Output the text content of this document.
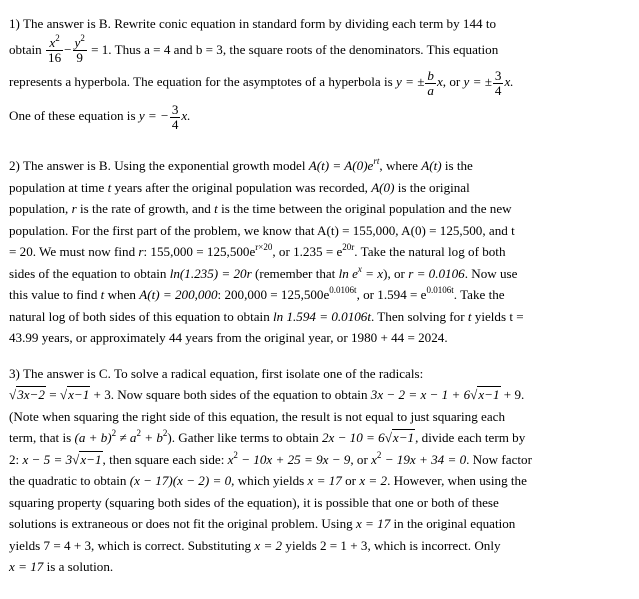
1) The answer is B. Rewrite conic equation in standard form by dividing each term by 144 to

obtain $\frac{x^2}{16} - \frac{y^2}{9} = 1$. Thus a = 4 and b = 3, the square roots of the denominators. This equation

represents a hyperbola. The equation for the asymptotes of a hyperbola is y = ± $\frac{b}{a} x$, or y = ± $\frac{3}{4} x$.

One of these equation is y = − $\frac{3}{4} x$.

2) The answer is B. Using the exponential growth model $A(t) = A(0)e^{rt}$, where A(t) is the

population at time t years after the original population was recorded, A(0) is the original

population, r is the rate of growth, and t is the time between the original population and the new

population. For the first part of the problem, we know that A(t) = 155,000, A(0) = 125,500, and t

= 20. We must now find r: $155,000 = 125,500e^{r\times 20}$, or $1.235 = e^{20r}$. Take the natural log of both

sides of the equation to obtain ln(1.235) = 20r (remember that $\ln e^x = x$), or r = 0.0106. Now use

this value to find t when A(t) = 200,000: $200,000 = 125,500e^{0.0106t}$, or $1.594 = e^{0.0106t}$. Take the

natural log of both sides of this equation to obtain ln 1.594 = 0.0106t. Then solving for t yields t =

43.99 years, or approximately 44 years from the original year, or 1980 + 44 = 2024.

3) The answer is C. To solve a radical equation, first isolate one of the radicals:

√3x−2 = √x−1 + 3. Now square both sides of the equation to obtain 3x − 2 = x − 1 + 6√x−1 + 9.

(Note when squaring the right side of this equation, the result is not equal to just squaring each

term, that is $(a + b)^2 \ne a^2 + b^2$). Gather like terms to obtain 2x − 10 = 6√x−1, divide each term by

2: x − 5 = 3√x−1, then square each side: $x^2 - 10x + 25 = 9x - 9$, or $x^2 - 19x + 34 = 0$. Now factor

the quadratic to obtain (x − 17)(x − 2) = 0, which yields x = 17 or x = 2. However, when using the

squaring property (squaring both sides of the equation), it is possible that one or both of these

solutions is extraneous or does not fit the original problem. Using x = 17 in the original equation

yields 7 = 4 + 3, which is correct. Substituting x = 2 yields 2 = 1 + 3, which is incorrect. Only

x = 17 is a solution.
